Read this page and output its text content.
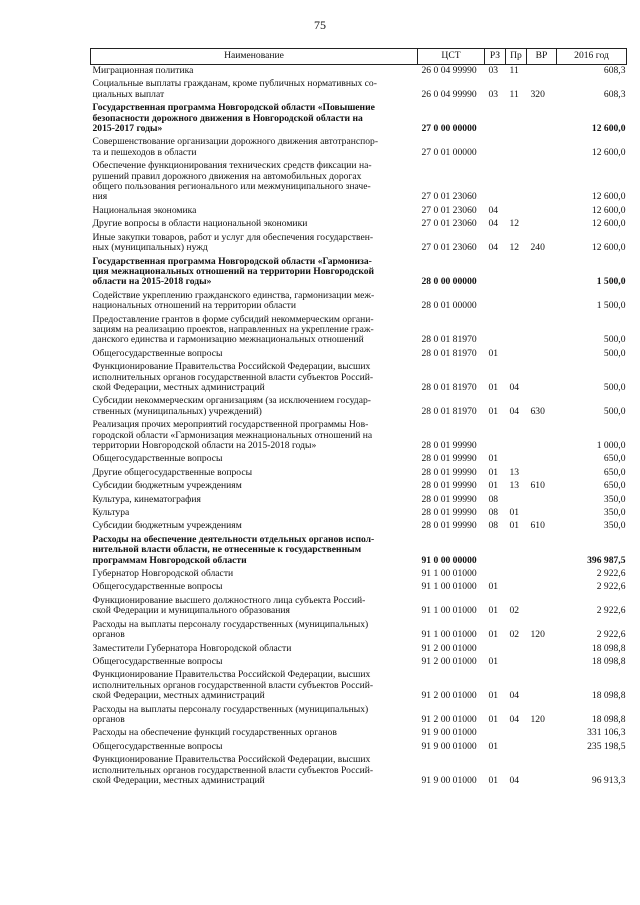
75
Наименование	ЦСТ	РЗ	Пр	ВР	2016 год
Миграционная политика	26 0 04 99990	03	11		608,3
Социальные выплаты гражданам, кроме публичных нормативных со-
циальных выплат	26 0 04 99990	03	11	320	608,3
Государственная программа Новгородской области «Повышение
безопасности дорожного движения в Новгородской области на
2015-2017 годы»	27 0 00 00000				12 600,0
Совершенствование организации дорожного движения автотранспор-
та и пешеходов в области	27 0 01 00000				12 600,0
Обеспечение функционирования технических средств фиксации на-
рушений правил дорожного движения на автомобильных дорогах
общего пользования регионального или межмуниципального значе-
ния	27 0 01 23060				12 600,0
Национальная экономика	27 0 01 23060	04			12 600,0
Другие вопросы в области национальной экономики	27 0 01 23060	04	12		12 600,0
Иные закупки товаров, работ и услуг для обеспечения государствен-
ных (муниципальных) нужд	27 0 01 23060	04	12	240	12 600,0
Государственная программа Новгородской области «Гармониза-
ция межнациональных отношений на территории Новгородской
области на 2015-2018 годы»	28 0 00 00000				1 500,0
Содействие укреплению гражданского единства, гармонизации меж-
национальных отношений на территории области	28 0 01 00000				1 500,0
Предоставление грантов в форме субсидий некоммерческим органи-
зациям на реализацию проектов, направленных на укрепление граж-
данского единства и гармонизацию межнациональных отношений	28 0 01 81970				500,0
Общегосударственные вопросы	28 0 01 81970	01			500,0
Функционирование Правительства Российской Федерации, высших
исполнительных органов государственной власти субъектов Россий-
ской Федерации, местных администраций	28 0 01 81970	01	04		500,0
Субсидии некоммерческим организациям (за исключением государ-
ственных (муниципальных) учреждений)	28 0 01 81970	01	04	630	500,0
Реализация прочих мероприятий государственной программы Нов-
городской области «Гармонизация межнациональных отношений на
территории Новгородской области на 2015-2018 годы»	28 0 01 99990				1 000,0
Общегосударственные вопросы	28 0 01 99990	01			650,0
Другие общегосударственные вопросы	28 0 01 99990	01	13		650,0
Субсидии бюджетным учреждениям	28 0 01 99990	01	13	610	650,0
Культура, кинематография	28 0 01 99990	08			350,0
Культура	28 0 01 99990	08	01		350,0
Субсидии бюджетным учреждениям	28 0 01 99990	08	01	610	350,0
Расходы на обеспечение деятельности отдельных органов испол-
нительной власти области, не отнесенные к государственным
программам Новгородской области	91 0 00 00000				396 987,5
Губернатор Новгородской области	91 1 00 01000				2 922,6
Общегосударственные вопросы	91 1 00 01000	01			2 922,6
Функционирование высшего должностного лица субъекта Россий-
ской Федерации и муниципального образования	91 1 00 01000	01	02		2 922,6
Расходы на выплаты персоналу государственных (муниципальных)
органов	91 1 00 01000	01	02	120	2 922,6
Заместители Губернатора Новгородской области	91 2 00 01000				18 098,8
Общегосударственные вопросы	91 2 00 01000	01			18 098,8
Функционирование Правительства Российской Федерации, высших
исполнительных органов государственной власти субъектов Россий-
ской Федерации, местных администраций	91 2 00 01000	01	04		18 098,8
Расходы на выплаты персоналу государственных (муниципальных)
органов	91 2 00 01000	01	04	120	18 098,8
Расходы на обеспечение функций государственных органов	91 9 00 01000				331 106,3
Общегосударственные вопросы	91 9 00 01000	01			235 198,5
Функционирование Правительства Российской Федерации, высших
исполнительных органов государственной власти субъектов Россий-
ской Федерации, местных администраций	91 9 00 01000	01	04		96 913,3
